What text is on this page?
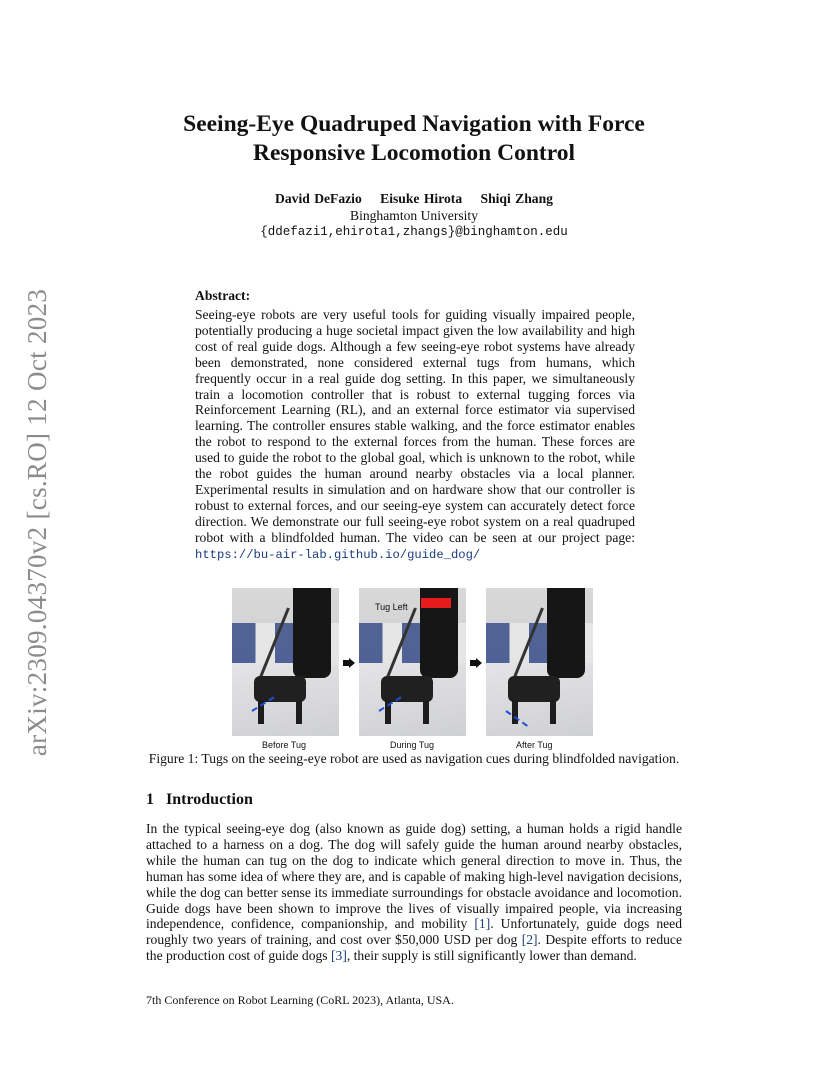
arXiv:2309.04370v2 [cs.RO] 12 Oct 2023
Seeing-Eye Quadruped Navigation with Force
Responsive Locomotion Control
David DeFazio Eisuke Hirota Shiqi Zhang
Binghamton University
{ddefazi1,ehirota1,zhangs}@binghamton.edu
Abstract:

Seeing-eye robots are very useful tools for guiding visually impaired people, potentially producing a huge societal impact given the low availability and high cost of real guide dogs. Although a few seeing-eye robot systems have already been demonstrated, none considered external tugs from humans, which frequently occur in a real guide dog setting. In this paper, we simultaneously train a locomotion controller that is robust to external tugging forces via Reinforcement Learning (RL), and an external force estimator via supervised learning. The controller ensures stable walking, and the force estimator enables the robot to respond to the external forces from the human. These forces are used to guide the robot to the global goal, which is unknown to the robot, while the robot guides the human around nearby obstacles via a local planner. Experimental results in simulation and on hardware show that our controller is robust to external forces, and our seeing-eye system can accurately detect force direction. We demonstrate our full seeing-eye robot system on a real quadruped robot with a blindfolded human. The video can be seen at our project page: https://bu-air-lab.github.io/guide_dog/

Tug Left
Before Tug	During Tug	After Tug
Figure 1: Tugs on the seeing-eye robot are used as navigation cues during blindfolded navigation.
1 Introduction

In the typical seeing-eye dog (also known as guide dog) setting, a human holds a rigid handle attached to a harness on a dog. The dog will safely guide the human around nearby obstacles, while the human can tug on the dog to indicate which general direction to move in. Thus, the human has some idea of where they are, and is capable of making high-level navigation decisions, while the dog can better sense its immediate surroundings for obstacle avoidance and locomotion. Guide dogs have been shown to improve the lives of visually impaired people, via increasing independence, confidence, companionship, and mobility [1]. Unfortunately, guide dogs need roughly two years of training, and cost over $50,000 USD per dog [2]. Despite efforts to reduce the production cost of guide dogs [3], their supply is still significantly lower than demand.

7th Conference on Robot Learning (CoRL 2023), Atlanta, USA.
